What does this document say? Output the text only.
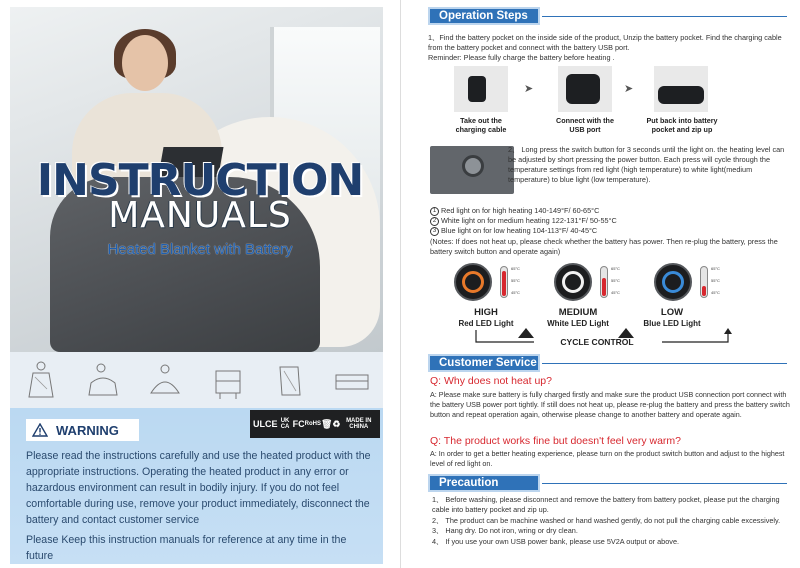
INSTRUCTION
MANUALS
Heated Blanket with Battery
WARNING	UL CE UK CA FC RoHS 🗑 ♻ MADE IN CHINA

Please read the instructions carefully and use the heated product with the appropriate instructions. Operating the heated product in any error or hazardous environment can result in bodily injury. If you do not feel comfortable during use, remove your product immediately, disconnect the battery and contact customer service

Please Keep this instruction manuals for reference at any time in the future

Operation Steps
1、Find the battery pocket on the inside side of the product, Unzip the battery pocket. Find the charging cable from the battery pocket and connect with the battery USB port.
Reminder: Please fully charge the battery before heating .
➤	➤
Take out the
charging cable
Connect with the
USB port
Put back into battery
pocket and zip up
2、 Long press the switch button for 3 seconds until the light on. the heating level can be adjusted by short pressing the power button. Each press will cycle through the temperature settings from red light (high temperature) to white light(medium temperature) to blue light (low temperature).
1 Red light on for high heating 140-149°F/ 60-65°C
2 White light on for medium heating 122-131°F/ 50-55°C
3 Blue light on for low heating 104-113°F/ 40-45°C
(Notes: If does not heat up, please check whether the battery has power. Then re-plug the battery, press the battery switch button and operate again)
65°C
55°C
45°C
65°C
55°C
45°C
65°C
55°C
45°C
HIGH
Red LED Light
MEDIUM
White LED Light
LOW
Blue LED Light
CYCLE CONTROL
Customer Service
Q: Why does not heat up?
A: Please make sure battery is fully charged firstly and make sure the product USB connection port connect with the battery USB power port tightly. If still does not heat up, please re-plug the battery and press the battery switch button and repeat operation again, otherwise please change to another battery and operate again.
Q: The product works fine but doesn't feel very warm?
A: In order to get a better heating experience, please turn on the product switch button and adjust to the highest level of red light on.
Precaution
1、 Before washing, please disconnect and remove the battery from battery pocket, please put the charging cable into battery pocket and zip up.
2、 The product can be machine washed or hand washed gently, do not pull the charging cable excessively.
3、 Hang dry. Do not iron, wring or dry clean.
4、 If you use your own USB power bank, please use 5V2A output or above.
